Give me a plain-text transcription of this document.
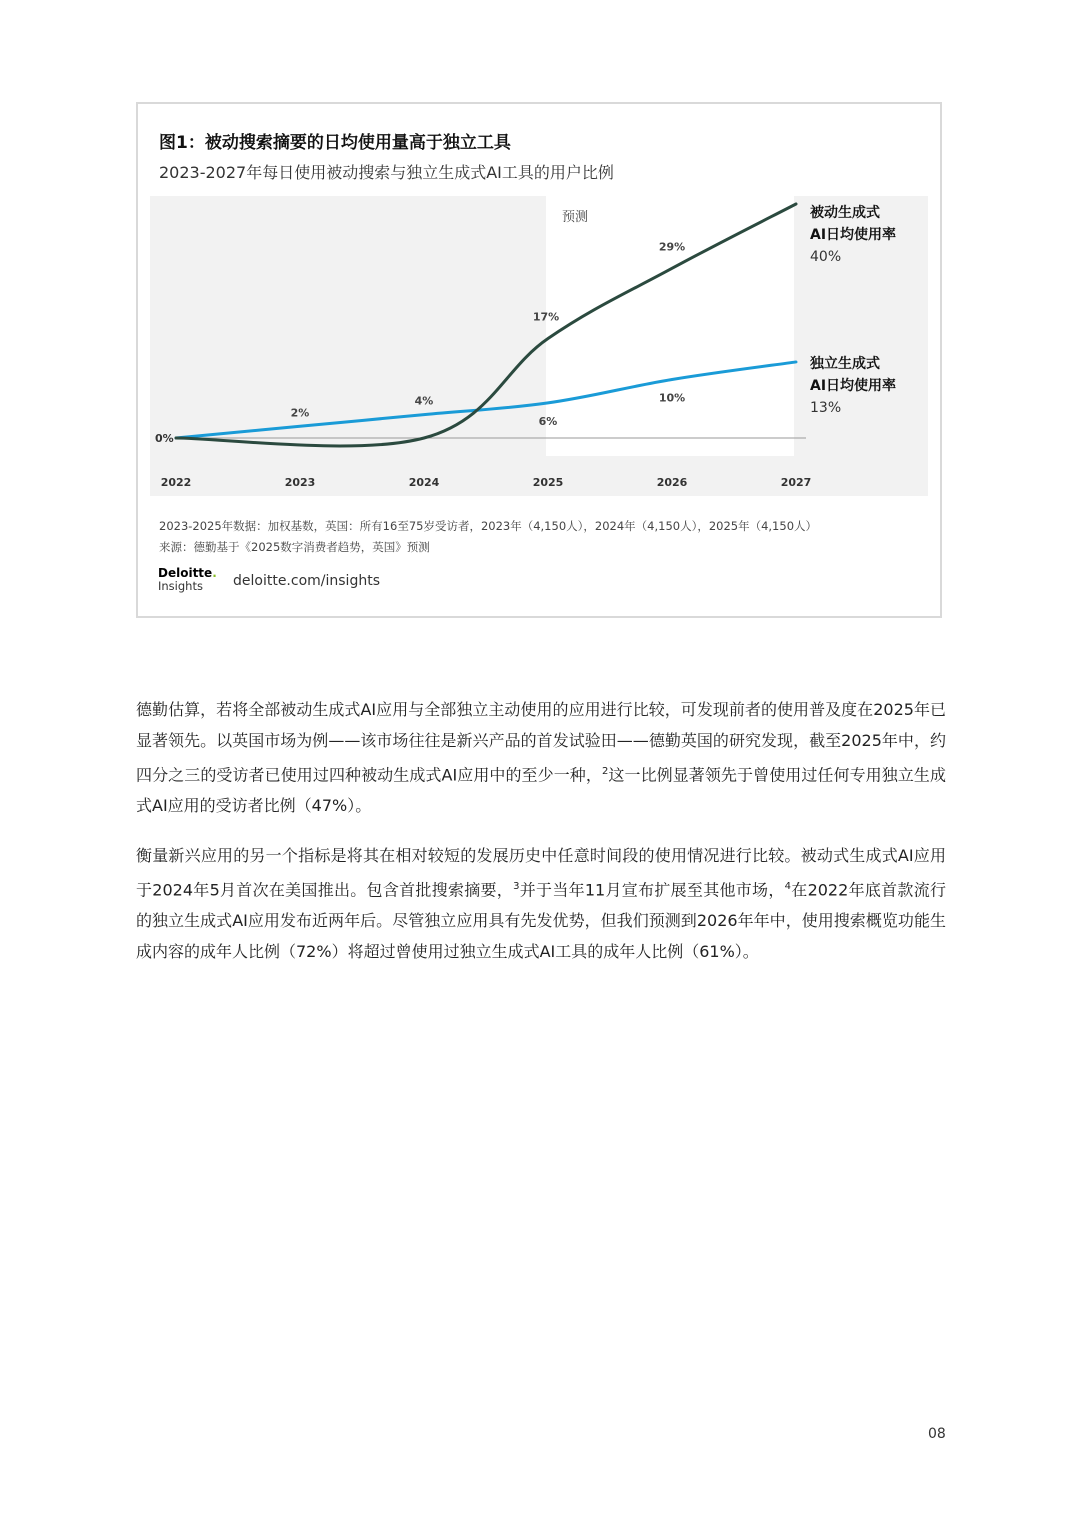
图1：被动搜索摘要的日均使用量高于独立工具
2023-2027年每日使用被动搜索与独立生成式AI工具的用户比例
预测
0%
2022	2023	2024	2025	2026	2027
17%
29%
2%
4%
6%
10%
被动生成式
AI日均使用率
40%
独立生成式
AI日均使用率
13%
2023-2025年数据：加权基数，英国：所有16至75岁受访者，2023年（4,150人），2024年（4,150人），2025年（4,150人）
来源：德勤基于《2025数字消费者趋势，英国》预测
Deloitte.
Insights	deloitte.com/insights

德勤估算，若将全部被动生成式AI应用与全部独立主动使用的应用进行比较，可发现前者的使用普及度在2025年已显著领先。以英国市场为例——该市场往往是新兴产品的首发试验田——德勤英国的研究发现，截至2025年中，约四分之三的受访者已使用过四种被动生成式AI应用中的至少一种，$^2$这一比例显著领先于曾使用过任何专用独立生成式AI应用的受访者比例（47%）。

衡量新兴应用的另一个指标是将其在相对较短的发展历史中任意时间段的使用情况进行比较。被动式生成式AI应用于2024年5月首次在美国推出。包含首批搜索摘要，$^3$并于当年11月宣布扩展至其他市场，$^4$在2022年底首款流行的独立生成式AI应用发布近两年后。尽管独立应用具有先发优势，但我们预测到2026年年中，使用搜索概览功能生成内容的成年人比例（72%）将超过曾使用过独立生成式AI工具的成年人比例（61%）。

08
